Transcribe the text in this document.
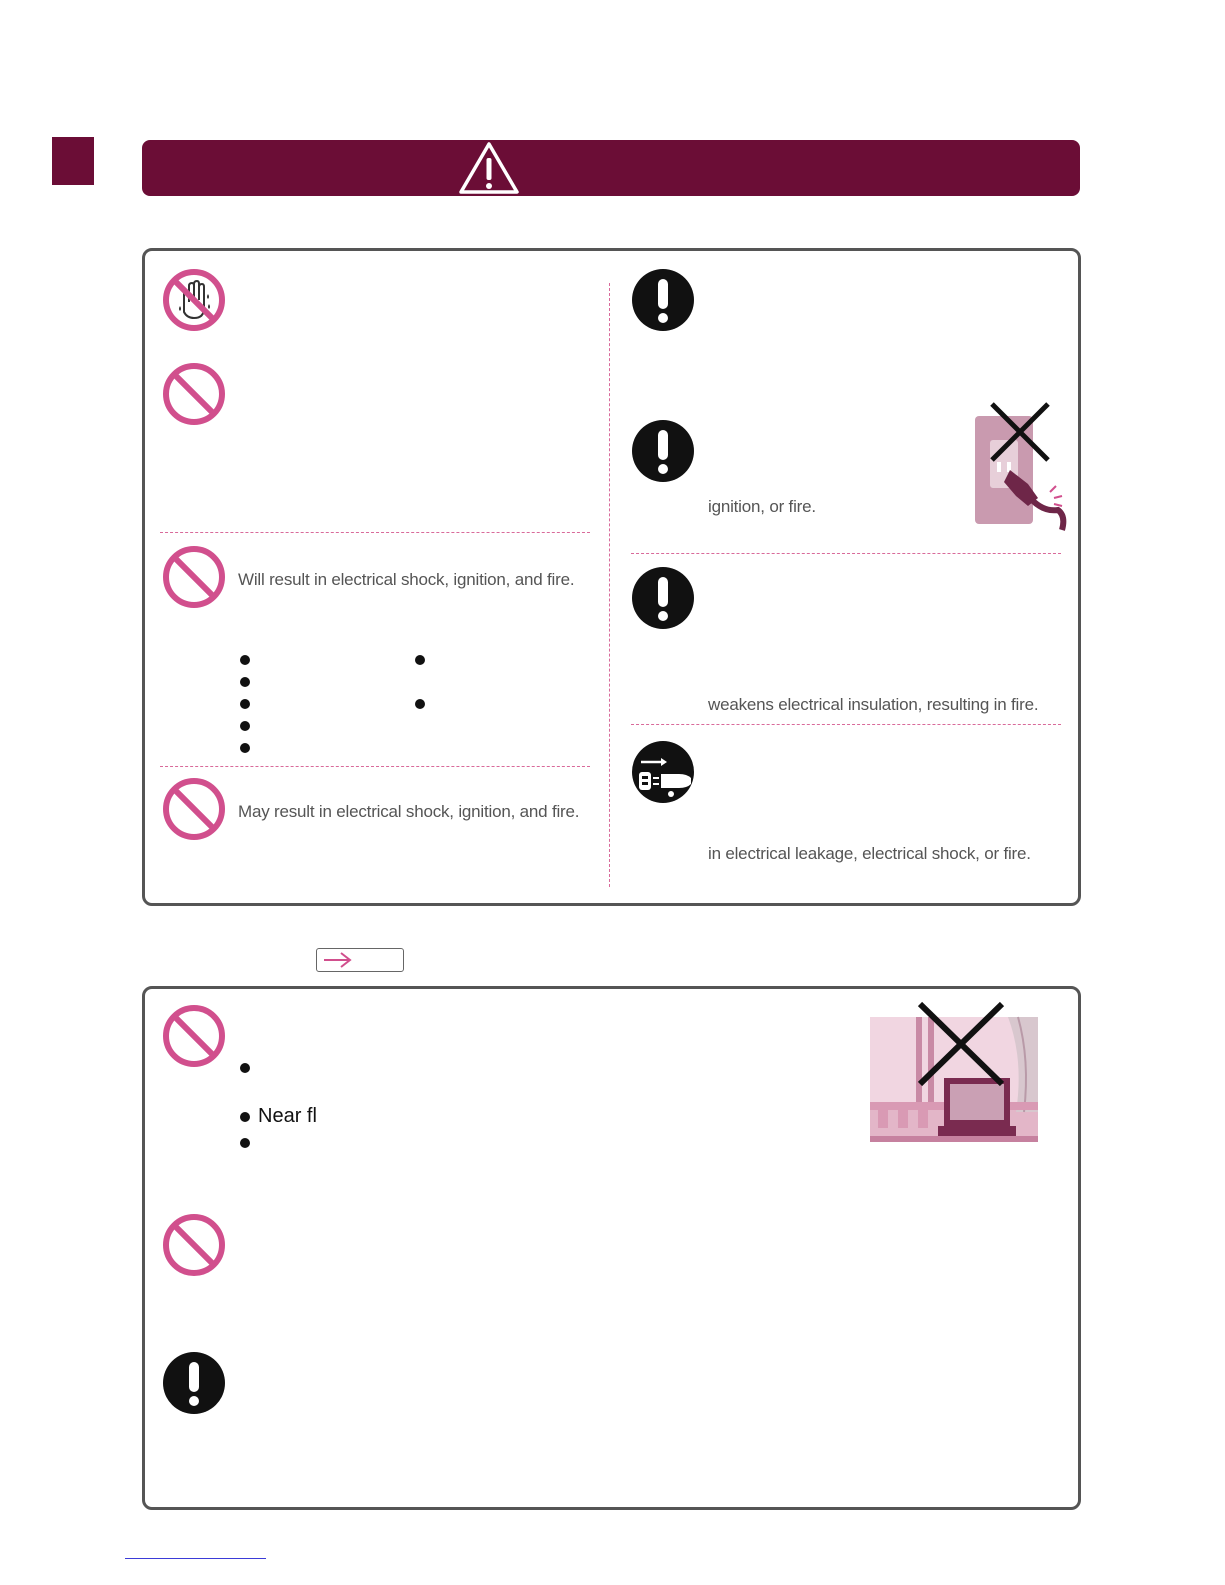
Will result in electrical shock, ignition, and fire.
May result in electrical shock, ignition, and fire.
ignition, or fire.
weakens electrical insulation, resulting in fire.
in electrical leakage, electrical shock, or fire.
Near fl
